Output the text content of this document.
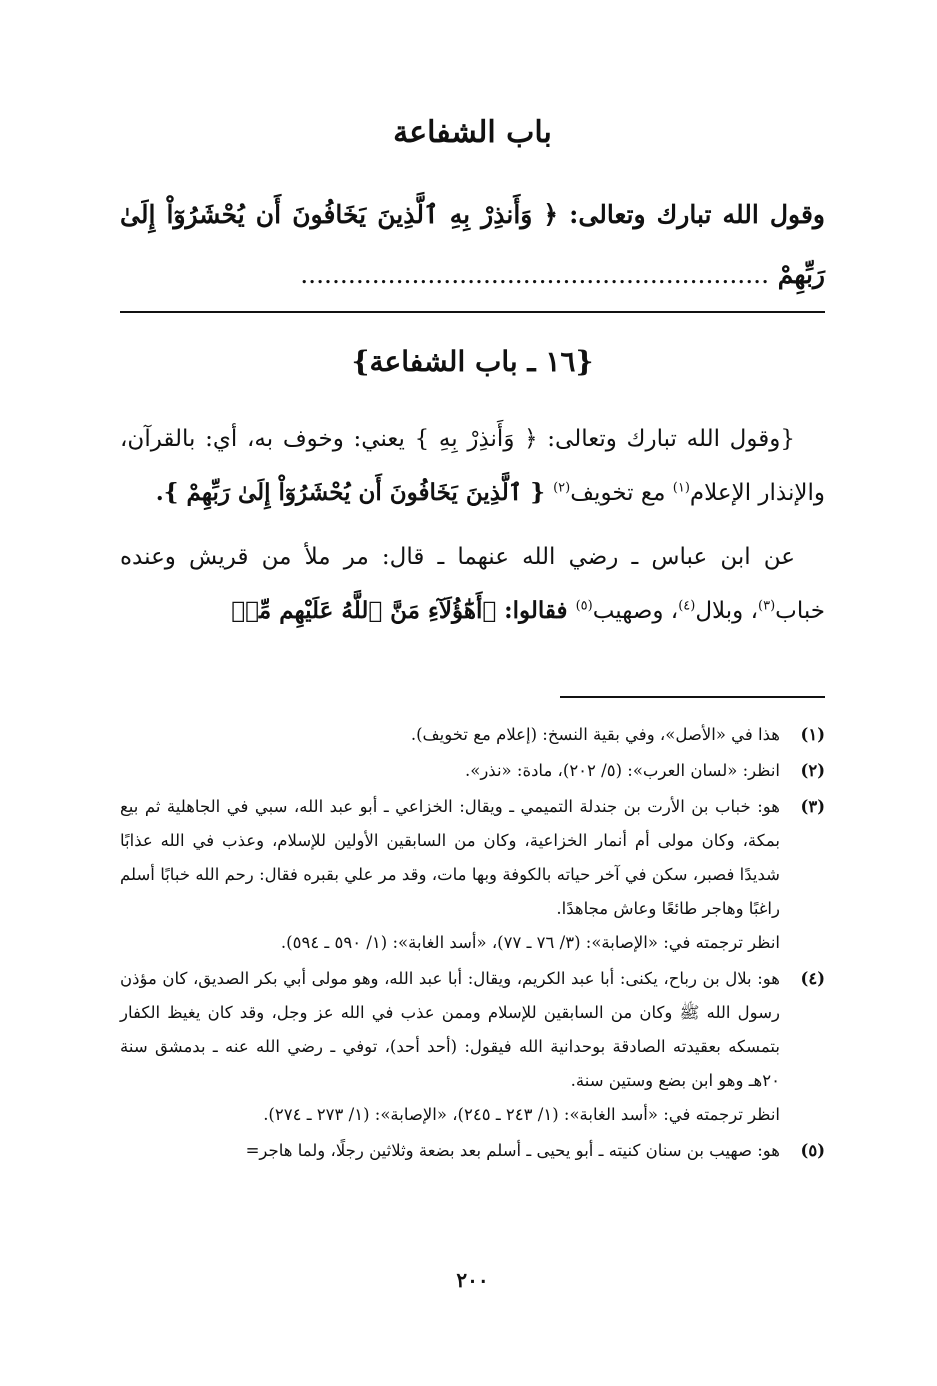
باب الشفاعة
وقول الله تبارك وتعالى: ﴿ وَأَنذِرْ بِهِ ٱلَّذِينَ يَخَافُونَ أَن يُحْشَرُوٓاْ إِلَىٰ رَبِّهِمْ ...........................................................
{١٦ ـ باب الشفاعة}

{وقول الله تبارك وتعالى: ﴿ وَأَنذِرْ بِهِ } يعني: وخوف به، أي: بالقرآن، والإنذار الإعلام$^{(١)}$ مع تخويف$^{(٢)}$ { ٱلَّذِينَ يَخَافُونَ أَن يُحْشَرُوٓاْ إِلَىٰ رَبِّهِمْ }.

عن ابن عباس ـ رضي الله عنهما ـ قال: مر ملأ من قريش وعنده خباب$^{(٣)}$، وبلال$^{(٤)}$، وصهيب$^{(٥)}$ فقالوا: ﴿أَهَٰٓؤُلَآءِ مَنَّ ٱللَّهُ عَلَيْهِم مِّنۢ

(١)
هذا في «الأصل»، وفي بقية النسخ: (إعلام مع تخويف).
(٢)
انظر: «لسان العرب»: (٥/ ٢٠٢)، مادة: «نذر».
(٣)
هو: خباب بن الأرت بن جندلة التميمي ـ ويقال: الخزاعي ـ أبو عبد الله، سبي في الجاهلية ثم بيع بمكة، وكان مولى أم أنمار الخزاعية، وكان من السابقين الأولين للإسلام، وعذب في الله عذابًا شديدًا فصبر، سكن في آخر حياته بالكوفة وبها مات، وقد مر علي بقبره فقال: رحم الله خبابًا أسلم راغبًا وهاجر طائعًا وعاش مجاهدًا.
انظر ترجمته في: «الإصابة»: (٣/ ٧٦ ـ ٧٧)، «أسد الغابة»: (١/ ٥٩٠ ـ ٥٩٤).
(٤)
هو: بلال بن رباح، يكنى: أبا عبد الكريم، ويقال: أبا عبد الله، وهو مولى أبي بكر الصديق، كان مؤذن رسول الله ﷺ وكان من السابقين للإسلام وممن عذب في الله عز وجل، وقد كان يغيظ الكفار بتمسكه بعقيدته الصادقة بوحدانية الله فيقول: (أحد أحد)، توفي ـ رضي الله عنه ـ بدمشق سنة ٢٠هـ وهو ابن بضع وستين سنة.
انظر ترجمته في: «أسد الغابة»: (١/ ٢٤٣ ـ ٢٤٥)، «الإصابة»: (١/ ٢٧٣ ـ ٢٧٤).
(٥)
هو: صهيب بن سنان كنيته ـ أبو يحيى ـ أسلم بعد بضعة وثلاثين رجلًا، ولما هاجر=
٢٠٠
